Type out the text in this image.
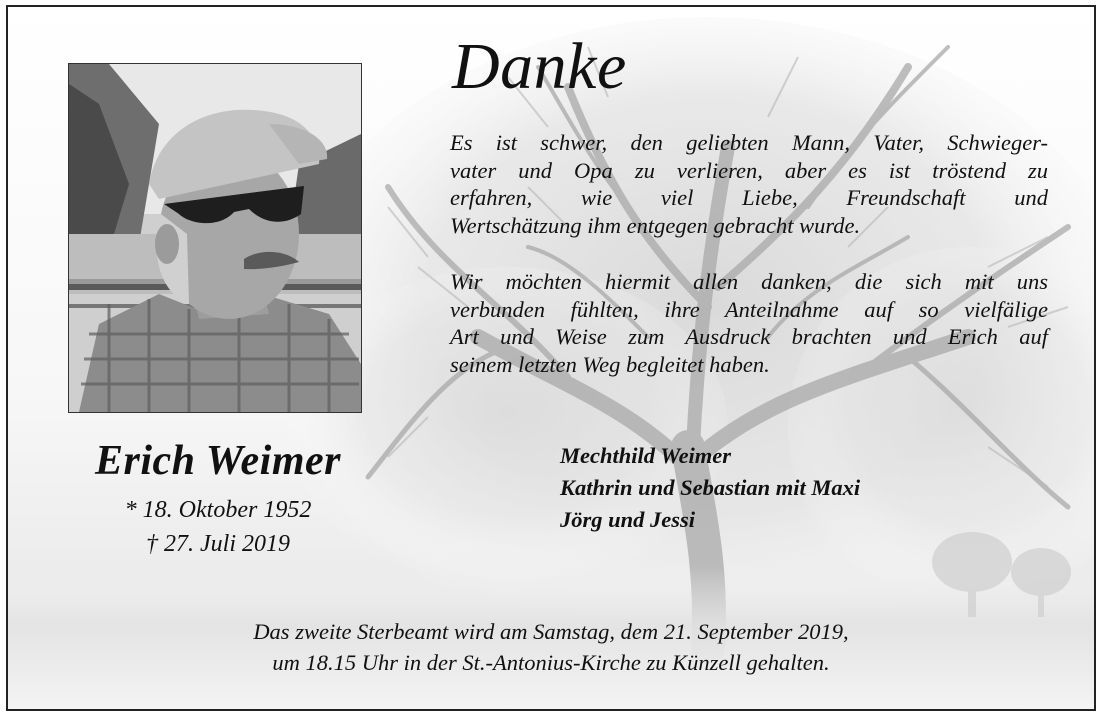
Erich Weimer
* 18. Oktober 1952
† 27. Juli 2019
Danke
Es ist schwer, den geliebten Mann, Vater, Schwieger-
vater und Opa zu verlieren, aber es ist tröstend zu
erfahren, wie viel Liebe, Freundschaft und
Wertschätzung ihm entgegen gebracht wurde.
Wir möchten hiermit allen danken, die sich mit uns
verbunden fühlten, ihre Anteilnahme auf so vielfälige
Art und Weise zum Ausdruck brachten und Erich auf
seinem letzten Weg begleitet haben.
Mechthild Weimer
Kathrin und Sebastian mit Maxi
Jörg und Jessi
Das zweite Sterbeamt wird am Samstag, dem 21. September 2019,
um 18.15 Uhr in der St.-Antonius-Kirche zu Künzell gehalten.
